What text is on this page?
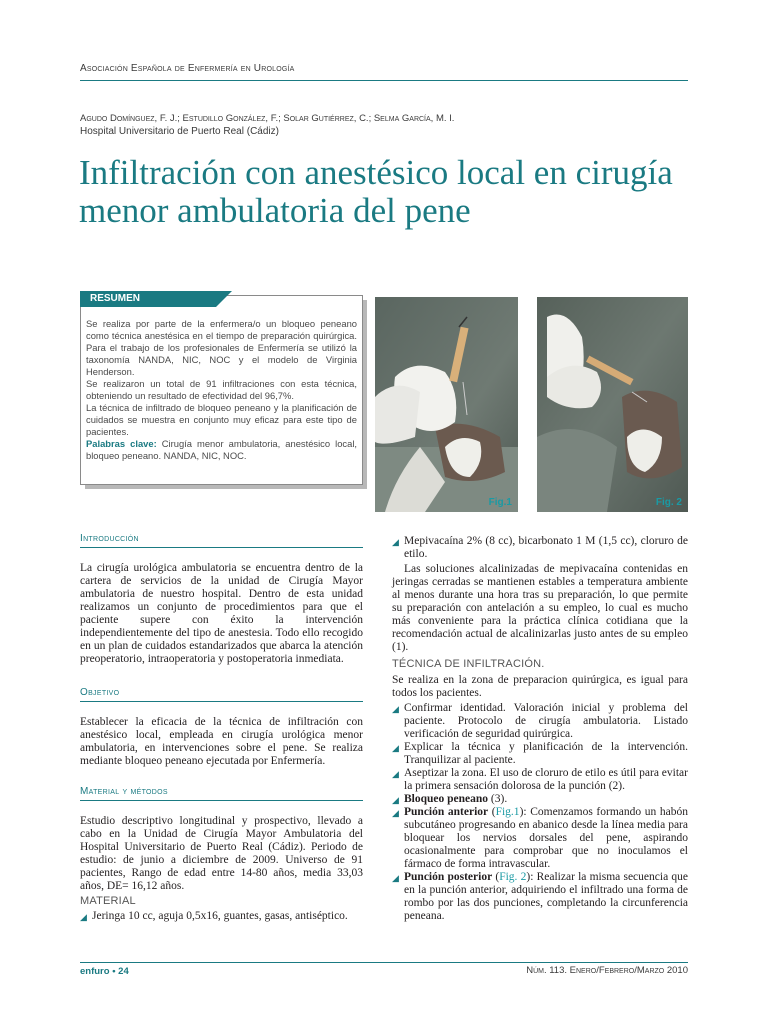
Asociación Española de Enfermería en Urología
Agudo Domínguez, F. J.; Estudillo González, F.; Solar Gutiérrez, C.; Selma García, M. I.
Hospital Universitario de Puerto Real (Cádiz)
Infiltración con anestésico local en cirugía menor ambulatoria del pene
RESUMEN

Se realiza por parte de la enfermera/o un bloqueo peneano como técnica anestésica en el tiempo de preparación quirúrgica. Para el trabajo de los profesionales de Enfermería se utilizó la taxonomía NANDA, NIC, NOC y el modelo de Virginia Henderson.

Se realizaron un total de 91 infiltraciones con esta técnica, obteniendo un resultado de efectividad del 96,7%.

La técnica de infiltrado de bloqueo peneano y la planificación de cuidados se muestra en conjunto muy eficaz para este tipo de pacientes.

Palabras clave: Cirugía menor ambulatoria, anestésico local, bloqueo peneano. NANDA, NIC, NOC.

Fig.1	Fig. 2
Introducción

La cirugía urológica ambulatoria se encuentra dentro de la cartera de servicios de la unidad de Cirugía Mayor ambulatoria de nuestro hospital. Dentro de esta unidad realizamos un conjunto de procedimientos para que el paciente supere con éxito la intervención independientemente del tipo de anestesia. Todo ello recogido en un plan de cuidados estandarizados que abarca la atención preoperatorio, intraoperatoria y postoperatoria inmediata.

Objetivo

Establecer la eficacia de la técnica de infiltración con anestésico local, empleada en cirugía urológica menor ambulatoria, en intervenciones sobre el pene. Se realiza mediante bloqueo peneano ejecutada por Enfermería.

Material y métodos

Estudio descriptivo longitudinal y prospectivo, llevado a cabo en la Unidad de Cirugía Mayor Ambulatoria del Hospital Universitario de Puerto Real (Cádiz). Periodo de estudio: de junio a diciembre de 2009. Universo de 91 pacientes, Rango de edad entre 14-80 años, media 33,03 años, DE= 16,12 años.

MATERIAL
◢ Jeringa 10 cc, aguja 0,5x16, guantes, gasas, antiséptico.
◢ Mepivacaína 2% (8 cc), bicarbonato 1 M (1,5 cc), cloruro de etilo.

Las soluciones alcalinizadas de mepivacaína contenidas en jeringas cerradas se mantienen estables a temperatura ambiente al menos durante una hora tras su preparación, lo que permite su preparación con antelación a su empleo, lo cual es mucho más conveniente para la práctica clínica cotidiana que la recomendación actual de alcalinizarlas justo antes de su empleo (1).

TÉCNICA DE INFILTRACIÓN.

Se realiza en la zona de preparacion quirúrgica, es igual para todos los pacientes.

◢ Confirmar identidad. Valoración inicial y problema del paciente. Protocolo de cirugía ambulatoria. Listado verificación de seguridad quirúrgica.
◢ Explicar la técnica y planificación de la intervención. Tranquilizar al paciente.
◢ Aseptizar la zona. El uso de cloruro de etilo es útil para evitar la primera sensación dolorosa de la punción (2).
◢ Bloqueo peneano (3).
◢ Punción anterior (Fig.1): Comenzamos formando un habón subcutáneo progresando en abanico desde la línea media para bloquear los nervios dorsales del pene, aspirando ocasionalmente para comprobar que no inoculamos el fármaco de forma intravascular.
◢ Punción posterior (Fig. 2): Realizar la misma secuencia que en la punción anterior, adquiriendo el infiltrado una forma de rombo por las dos punciones, completando la circunferencia peneana.
enfuro • 24	Núm. 113. Enero/Febrero/Marzo 2010
